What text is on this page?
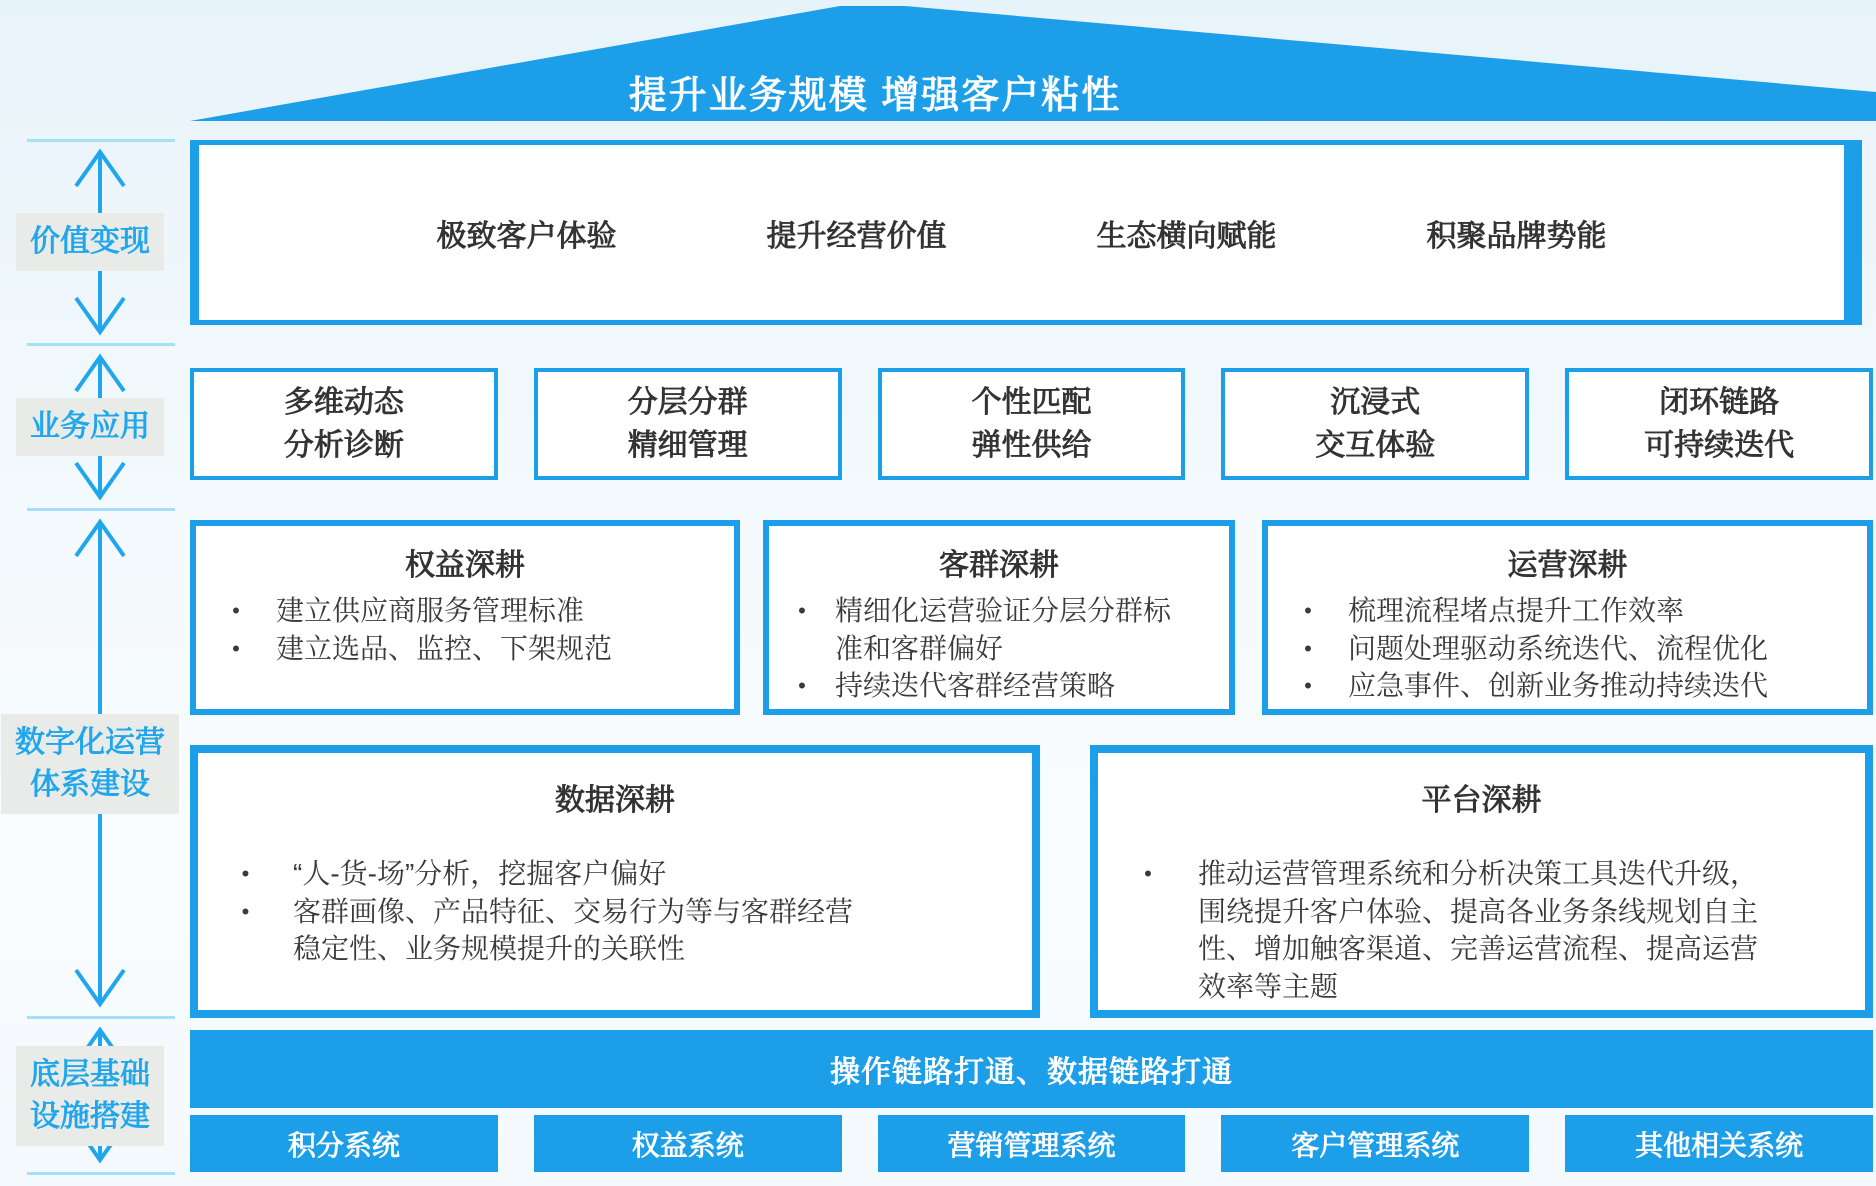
提升业务规模 增强客户粘性
价值变现
业务应用
数字化运营
体系建设
底层基础
设施搭建
极致客户体验	提升经营价值	生态横向赋能	积聚品牌势能
多维动态
分析诊断
分层分群
精细管理
个性匹配
弹性供给
沉浸式
交互体验
闭环链路
可持续迭代
权益深耕
•	建立供应商服务管理标准
•	建立选品、监控、下架规范
客群深耕
•	精细化运营验证分层分群标准和客群偏好
•	持续迭代客群经营策略
运营深耕
•	梳理流程堵点提升工作效率
•	问题处理驱动系统迭代、流程优化
•	应急事件、创新业务推动持续迭代
数据深耕
•	“人-货-场”分析，挖掘客户偏好
•	客群画像、产品特征、交易行为等与客群经营稳定性、业务规模提升的关联性
平台深耕
•	推动运营管理系统和分析决策工具迭代升级，围绕提升客户体验、提高各业务条线规划自主性、增加触客渠道、完善运营流程、提高运营效率等主题
操作链路打通、数据链路打通
积分系统	权益系统	营销管理系统	客户管理系统	其他相关系统
